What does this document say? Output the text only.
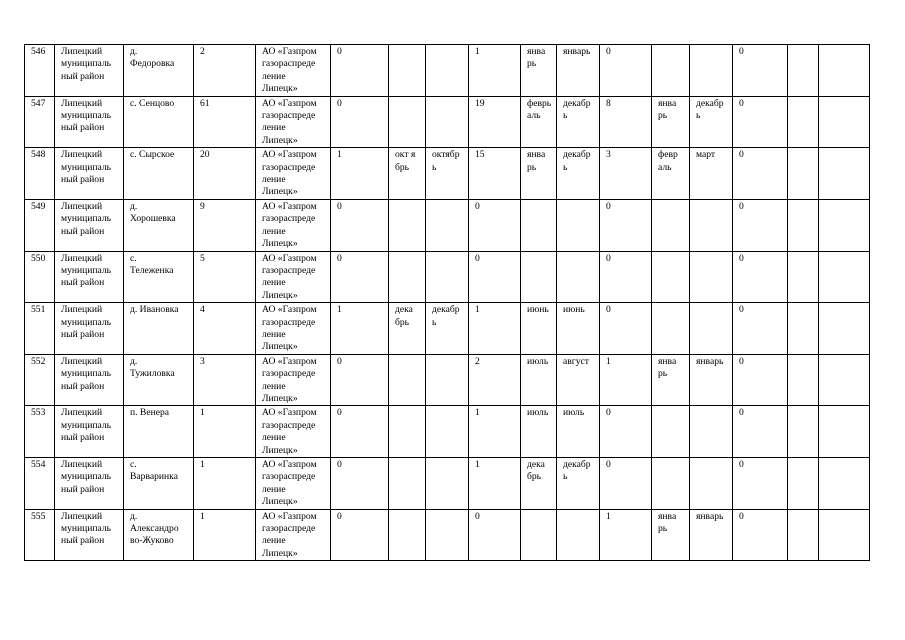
546	Липецкий
муниципаль
ный район	д.
Федоровка	2	АО «Газпром
газораспреде
ление
Липецк»	0			1	янва
рь	январь	0			0		
547	Липецкий
муниципаль
ный район	с. Сенцово	61	АО «Газпром
газораспреде
ление
Липецк»	0			19	феврь
аль	декабр
ь	8	янва
рь	декабр
ь	0		
548	Липецкий
муниципаль
ный район	с. Сырское	20	АО «Газпром
газораспреде
ление
Липецк»	1	окт я
брь	октябр
ь	15	янва
рь	декабр
ь	3	февр
аль	март	0		
549	Липецкий
муниципаль
ный район	д.
Хорошевка	9	АО «Газпром
газораспреде
ление
Липецк»	0			0			0			0		
550	Липецкий
муниципаль
ный район	с.
Тележенка	5	АО «Газпром
газораспреде
ление
Липецк»	0			0			0			0		
551	Липецкий
муниципаль
ный район	д. Ивановка	4	АО «Газпром
газораспреде
ление
Липецк»	1	дека
брь	декабр
ь	1	июнь	июнь	0			0		
552	Липецкий
муниципаль
ный район	д.
Тужиловка	3	АО «Газпром
газораспреде
ление
Липецк»	0			2	июль	август	1	янва
рь	январь	0		
553	Липецкий
муниципаль
ный район	п. Венера	1	АО «Газпром
газораспреде
ление
Липецк»	0			1	июль	июль	0			0		
554	Липецкий
муниципаль
ный район	с.
Варваринка	1	АО «Газпром
газораспреде
ление
Липецк»	0			1	дека
брь	декабр
ь	0			0		
555	Липецкий
муниципаль
ный район	д.
Александро
во-Жуково	1	АО «Газпром
газораспреде
ление
Липецк»	0			0			1	янва
рь	январь	0		
